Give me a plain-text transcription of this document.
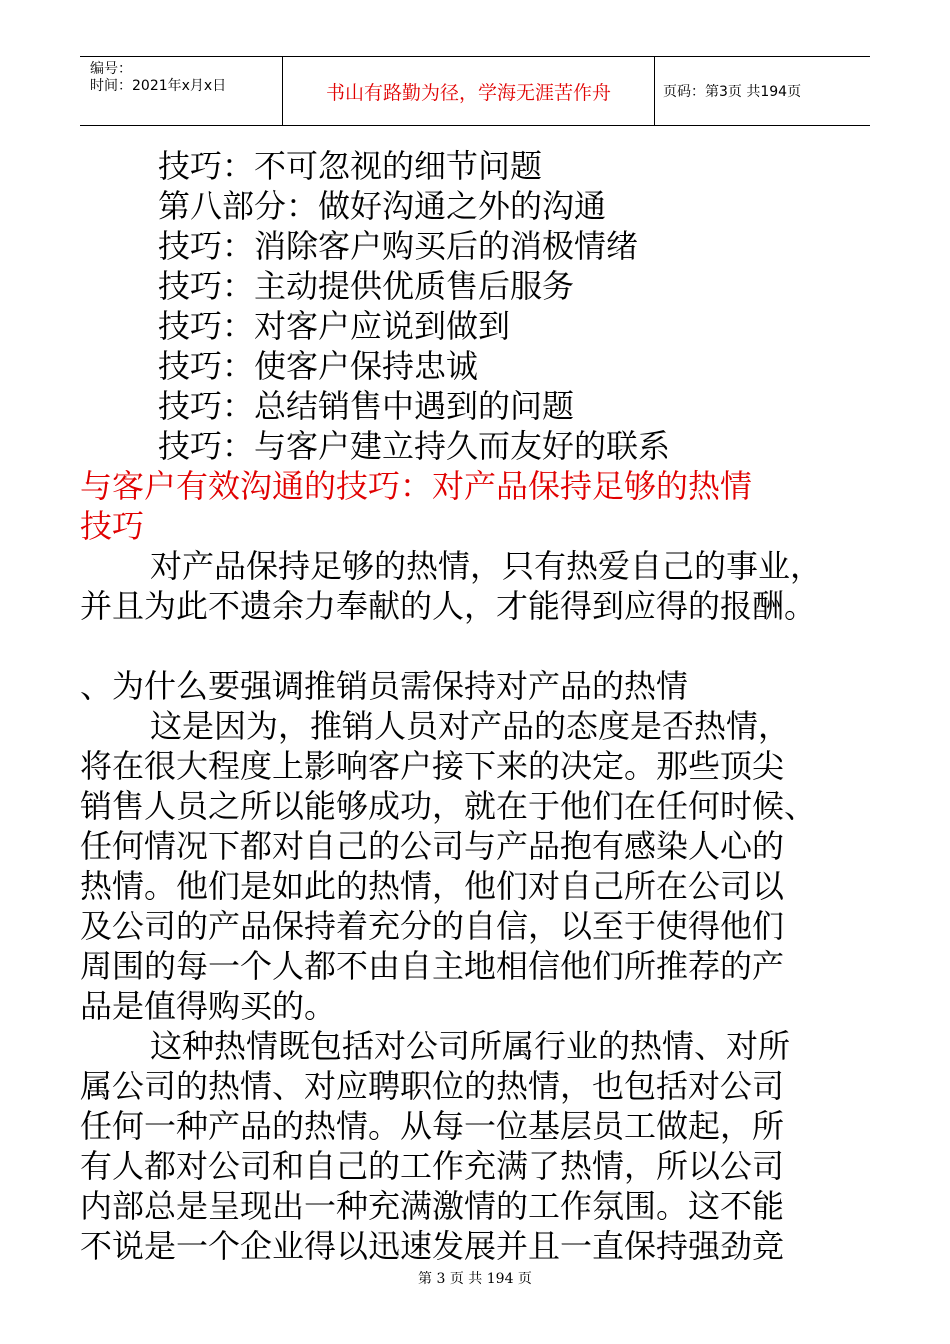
编号：
时间：2021年x月x日	书山有路勤为径，学海无涯苦作舟	页码：第3页 共194页
技巧：不可忽视的细节问题
第八部分：做好沟通之外的沟通
技巧：消除客户购买后的消极情绪
技巧：主动提供优质售后服务
技巧：对客户应说到做到
技巧：使客户保持忠诚
技巧：总结销售中遇到的问题
技巧：与客户建立持久而友好的联系
与客户有效沟通的技巧：对产品保持足够的热情
技巧
对产品保持足够的热情，只有热爱自己的事业，
并且为此不遗余力奉献的人，才能得到应得的报酬。
、为什么要强调推销员需保持对产品的热情
这是因为，推销人员对产品的态度是否热情，
将在很大程度上影响客户接下来的决定。那些顶尖
销售人员之所以能够成功，就在于他们在任何时候、
任何情况下都对自己的公司与产品抱有感染人心的
热情。他们是如此的热情，他们对自己所在公司以
及公司的产品保持着充分的自信，以至于使得他们
周围的每一个人都不由自主地相信他们所推荐的产
品是值得购买的。
这种热情既包括对公司所属行业的热情、对所
属公司的热情、对应聘职位的热情，也包括对公司
任何一种产品的热情。从每一位基层员工做起，所
有人都对公司和自己的工作充满了热情，所以公司
内部总是呈现出一种充满激情的工作氛围。这不能
不说是一个企业得以迅速发展并且一直保持强劲竞
第 3 页 共 194 页
